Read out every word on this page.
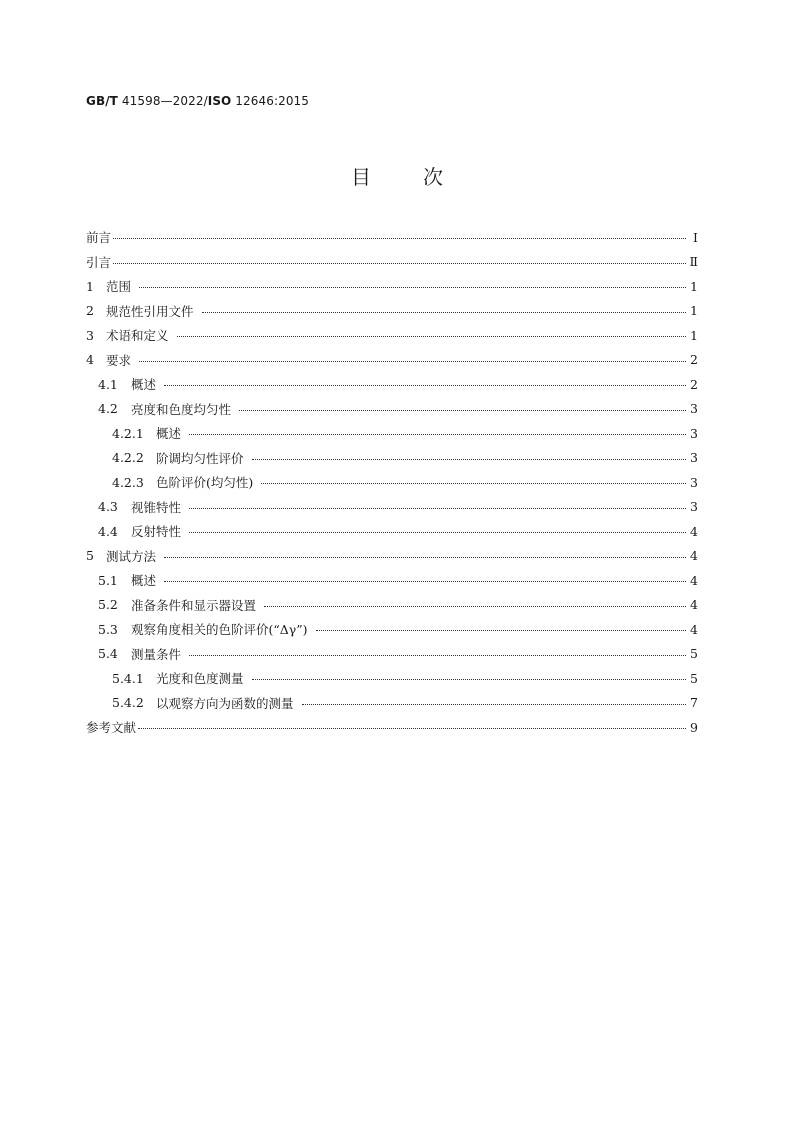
GB/T 41598—2022/ISO 12646:2015
目	次
前言	Ⅰ
引言	Ⅱ
1 范围	1
2 规范性引用文件	1
3 术语和定义	1
4 要求	2
4.1	概述	2
4.2	亮度和色度均匀性	3
4.2.1 概述	3
4.2.2 阶调均匀性评价	3
4.2.3 色阶评价(均匀性)	3
4.3	视锥特性	3
4.4	反射特性	4
5 测试方法	4
5.1	概述	4
5.2	准备条件和显示器设置	4
5.3	观察角度相关的色阶评价(“Δγ”)	4
5.4	测量条件	5
5.4.1 光度和色度测量	5
5.4.2 以观察方向为函数的测量	7
参考文献	9
